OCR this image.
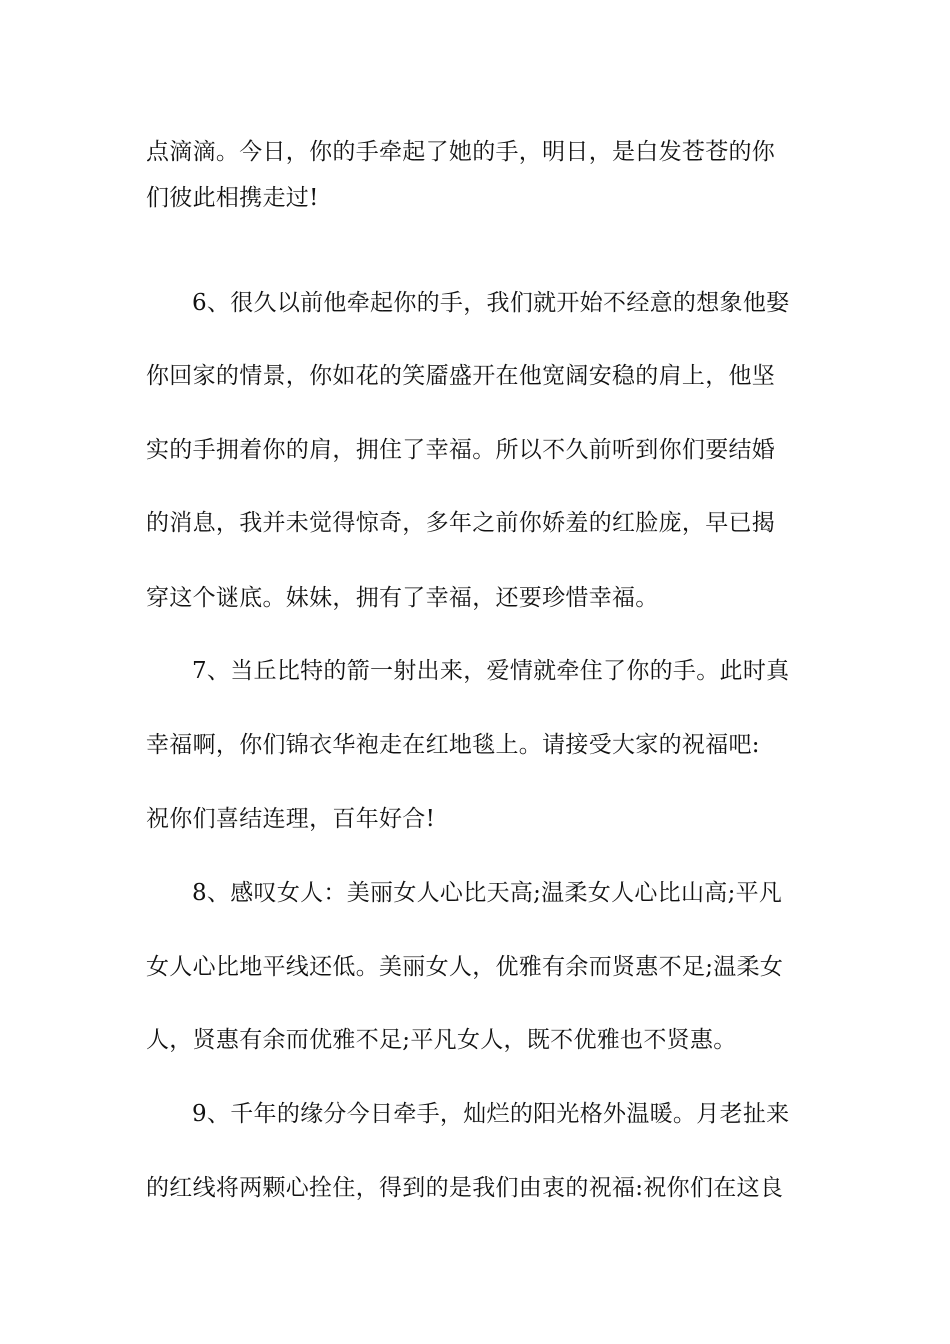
点滴滴。今日，你的手牵起了她的手，明日，是白发苍苍的你
们彼此相携走过!
6、很久以前他牵起你的手，我们就开始不经意的想象他娶
你回家的情景，你如花的笑靥盛开在他宽阔安稳的肩上，他坚
实的手拥着你的肩，拥住了幸福。所以不久前听到你们要结婚
的消息，我并未觉得惊奇，多年之前你娇羞的红脸庞，早已揭
穿这个谜底。妹妹，拥有了幸福，还要珍惜幸福。
7、当丘比特的箭一射出来，爱情就牵住了你的手。此时真
幸福啊，你们锦衣华袍走在红地毯上。请接受大家的祝福吧:
祝你们喜结连理，百年好合!
8、感叹女人：美丽女人心比天高;温柔女人心比山高;平凡
女人心比地平线还低。美丽女人，优雅有余而贤惠不足;温柔女
人，贤惠有余而优雅不足;平凡女人，既不优雅也不贤惠。
9、千年的缘分今日牵手，灿烂的阳光格外温暖。月老扯来
的红线将两颗心拴住，得到的是我们由衷的祝福:祝你们在这良
